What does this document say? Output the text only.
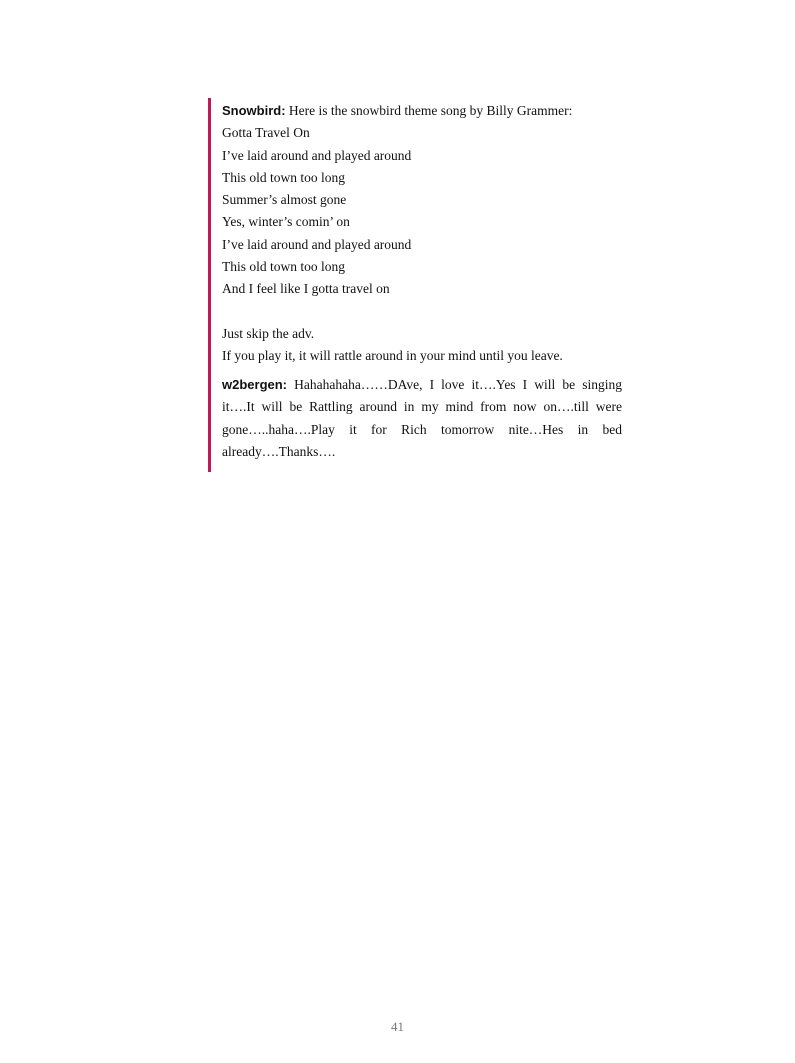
Snowbird: Here is the snowbird theme song by Billy Grammer:
Gotta Travel On
I’ve laid around and played around
This old town too long
Summer’s almost gone
Yes, winter’s comin’ on
I’ve laid around and played around
This old town too long
And I feel like I gotta travel on
Just skip the adv.
If you play it, it will rattle around in your mind until you leave.
w2bergen: Hahahahaha……DAve, I love it….Yes I will be singing it….It will be Rattling around in my mind from now on….till were gone…..haha….Play it for Rich tomorrow nite…Hes in bed already….Thanks….
41
